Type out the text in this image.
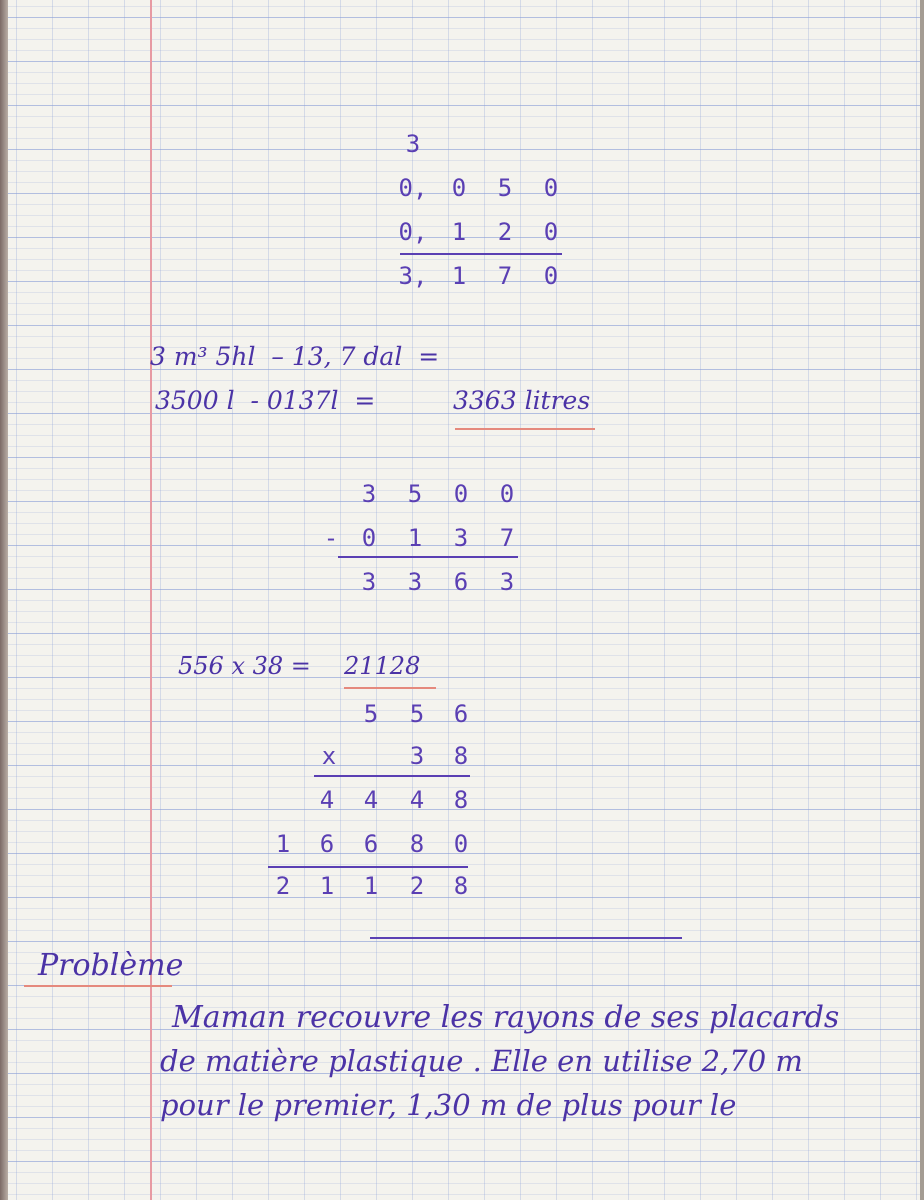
3
0,	0	5	0
0,	1	2	0
3,	1	7	0
3 m³ 5hl  – 13, 7 dal  =
3500 l  - 0137l  =	3363 litres
-
3	5	0	0
0	1	3	7
3	3	6	3
556 x 38 = 21128
5	5	6
x	3	8
4	4	4	8
1	6	6	8	0
2	1	1	2	8
Problème
Maman recouvre les rayons de ses placards
de matière plastique . Elle en utilise 2,70 m
pour le premier, 1,30 m de plus pour le
